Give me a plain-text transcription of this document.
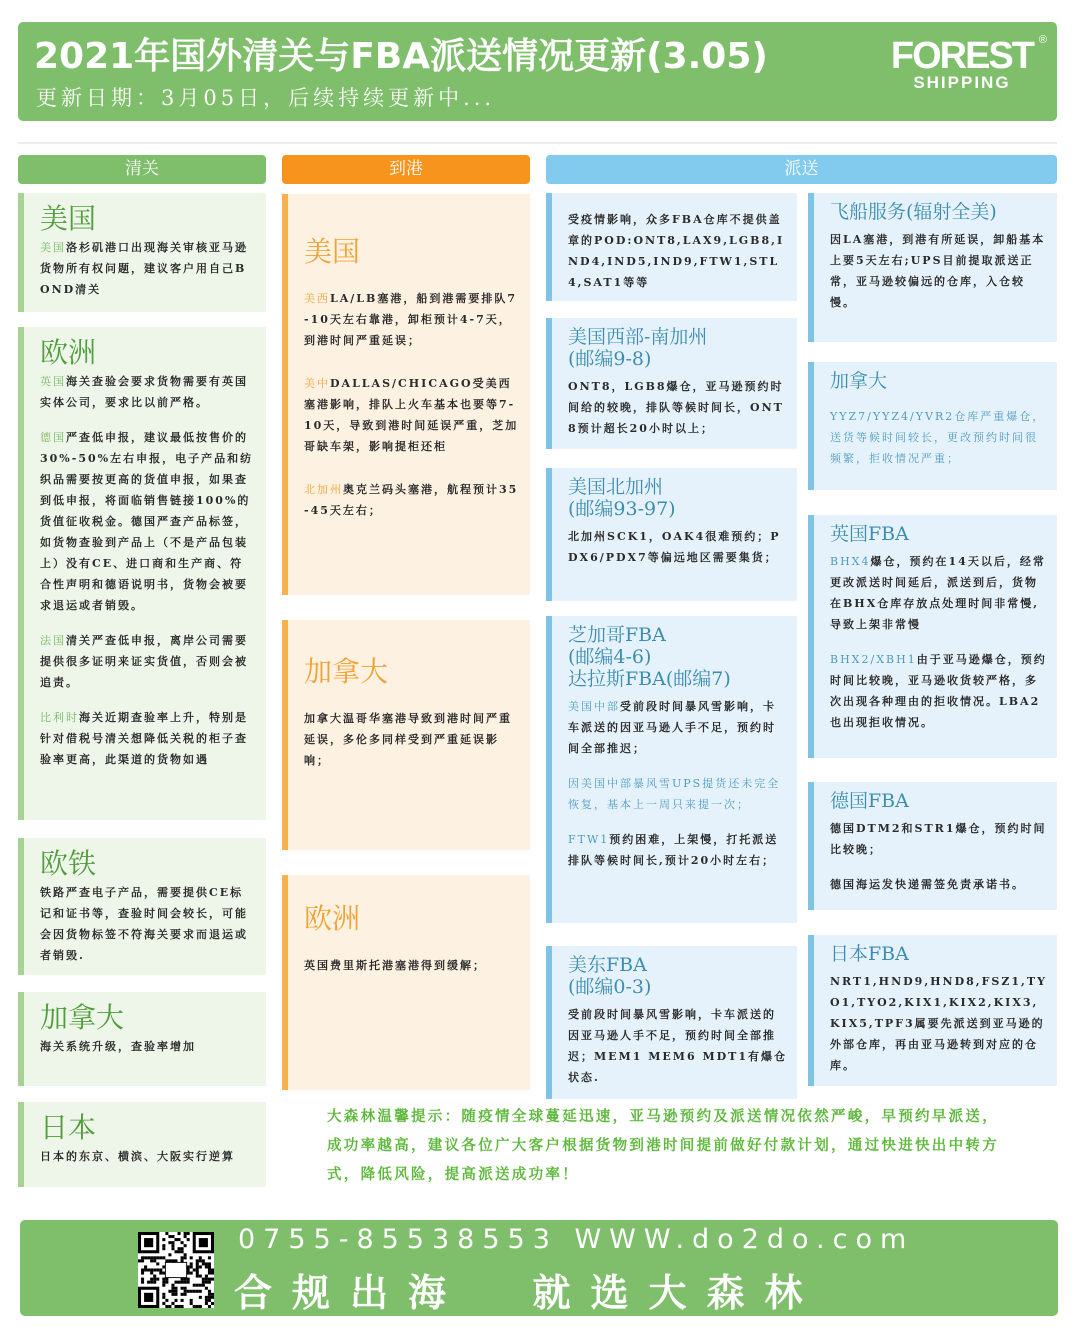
2021年国外清关与FBA派送情况更新(3.05)
更新日期：3月05日，后续持续更新中...
FOREST
SHIPPING
®
清关	到港	派送
美国
美国洛杉矶港口出现海关审核亚马逊货物所有权问题，建议客户用自己BOND清关
欧洲
英国海关查验会要求货物需要有英国实体公司，要求比以前严格。
德国严查低申报，建议最低按售价的30%-50%左右申报，电子产品和纺织品需要按更高的货值申报，如果查到低申报，将面临销售链接100%的货值征收税金。德国严查产品标签，如货物查验到产品上（不是产品包装上）没有CE、进口商和生产商、符合性声明和德语说明书，货物会被要求退运或者销毁。
法国清关严查低申报，离岸公司需要提供很多证明来证实货值，否则会被追责。
比利时海关近期查验率上升，特别是针对借税号清关想降低关税的柜子查验率更高，此渠道的货物如遇
欧铁
铁路严查电子产品，需要提供CE标记和证书等，查验时间会较长，可能会因货物标签不符海关要求而退运或者销毁.
加拿大
海关系统升级，查验率增加
日本
日本的东京、横滨、大阪实行逆算
美国
美西LA/LB塞港，船到港需要排队7-10天左右靠港，卸柜预计4-7天，到港时间严重延误；
美中DALLAS/CHICAGO受美西塞港影响，排队上火车基本也要等7-10天，导致到港时间延误严重，芝加哥缺车架，影响提柜还柜
北加州奥克兰码头塞港，航程预计35-45天左右；
加拿大
加拿大温哥华塞港导致到港时间严重延误，多伦多同样受到严重延误影响；
欧洲
英国费里斯托港塞港得到缓解；
受疫情影响，众多FBA仓库不提供盖章的POD:ONT8,LAX9,LGB8,IND4,IND5,IND9,FTW1,STL4,SAT1等等
美国西部-南加州
(邮编9-8)
ONT8，LGB8爆仓，亚马逊预约时间给的较晚，排队等候时间长，ONT8预计超长20小时以上；
美国北加州
(邮编93-97)
北加州SCK1，OAK4很难预约；PDX6/PDX7等偏远地区需要集货；
芝加哥FBA
(邮编4-6)
达拉斯FBA(邮编7)
美国中部受前段时间暴风雪影响，卡车派送的因亚马逊人手不足，预约时间全部推迟；
因美国中部暴风雪UPS提货还未完全恢复，基本上一周只来提一次；
FTW1预约困难，上架慢，打托派送排队等候时间长,预计20小时左右；
美东FBA
(邮编0-3)
受前段时间暴风雪影响，卡车派送的因亚马逊人手不足，预约时间全部推迟；MEM1 MEM6 MDT1有爆仓状态.
飞船服务(辐射全美)
因LA塞港，到港有所延误，卸船基本上要5天左右;UPS目前提取派送正常，亚马逊较偏远的仓库，入仓较慢。
加拿大
YYZ7/YYZ4/YVR2仓库严重爆仓，送货等候时间较长，更改预约时间很频繁，拒收情况严重；
英国FBA
BHX4爆仓，预约在14天以后，经常更改派送时间延后，派送到后，货物在BHX仓库存放点处理时间非常慢,导致上架非常慢
BHX2/XBH1由于亚马逊爆仓，预约时间比较晚，亚马逊收货较严格，多次出现各种理由的拒收情况。LBA2也出现拒收情况。
德国FBA
德国DTM2和STR1爆仓，预约时间比较晚；
德国海运发快递需签免责承诺书。
日本FBA
NRT1,HND9,HND8,FSZ1,TYO1,TYO2,KIX1,KIX2,KIX3,KIX5,TPF3属要先派送到亚马逊的外部仓库，再由亚马逊转到对应的仓库。
大森林温馨提示：随疫情全球蔓延迅速，亚马逊预约及派送情况依然严峻，早预约早派送，成功率越高，建议各位广大客户根据货物到港时间提前做好付款计划，通过快进快出中转方式，降低风险，提高派送成功率！
0755-85538553 WWW.do2do.com
合规出海  就选大森林
